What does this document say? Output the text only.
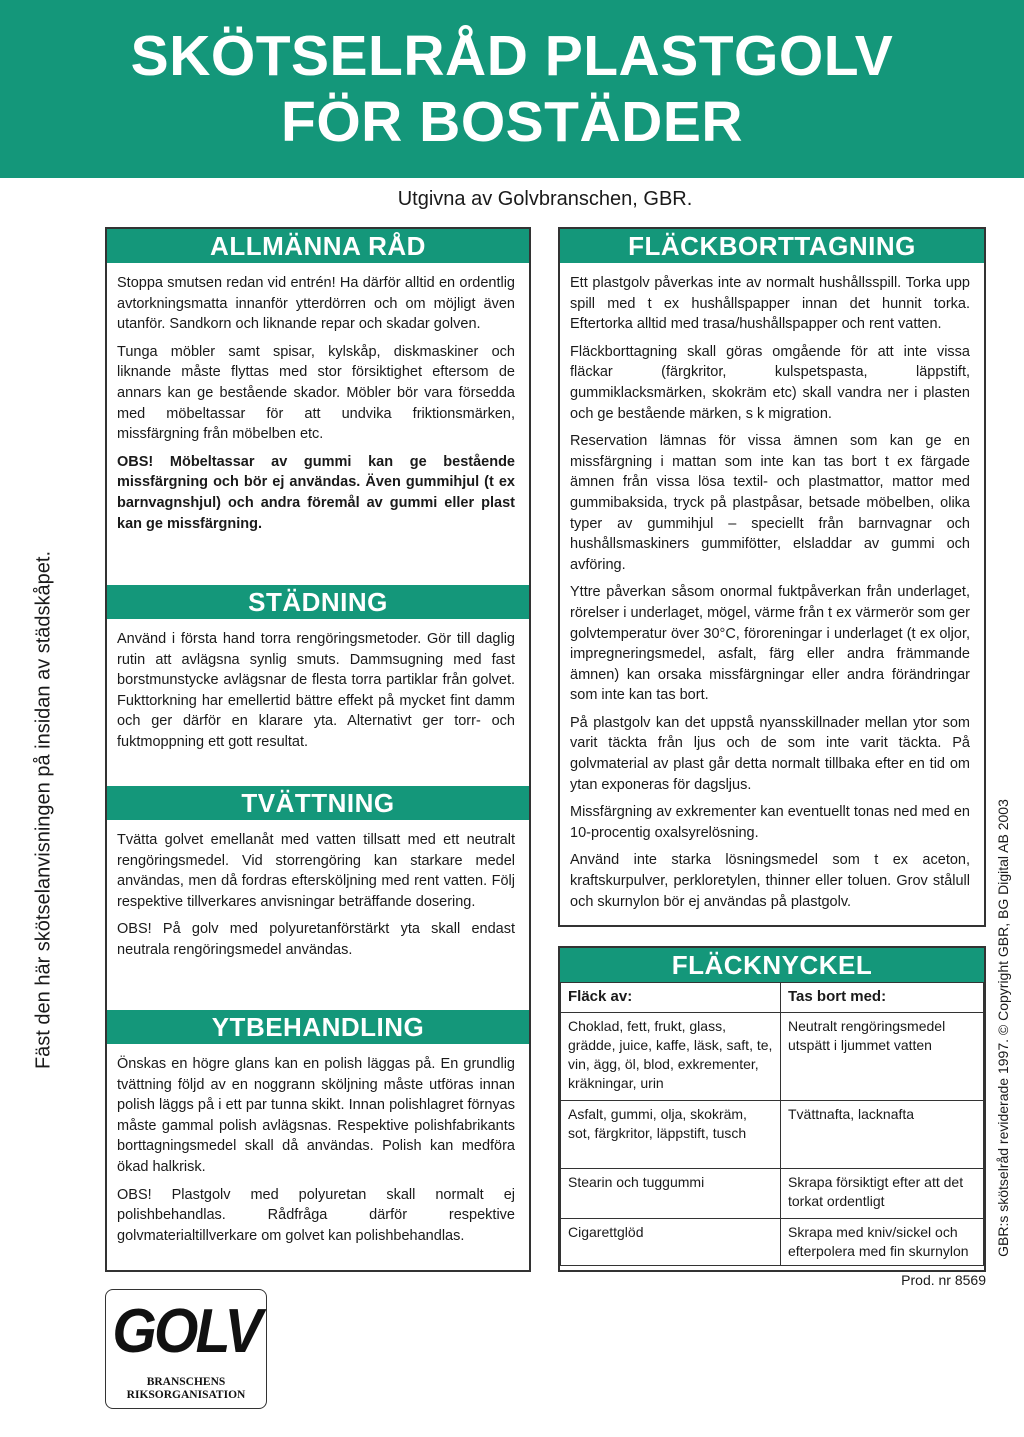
SKÖTSELRÅD PLASTGOLV
FÖR BOSTÄDER
Utgivna av Golvbranschen, GBR.
Fäst den här skötselanvisningen på insidan av städskåpet.	GBR:s skötselråd reviderade 1997. © Copyright GBR, BG Digital AB 2003
ALLMÄNNA RÅD

Stoppa smutsen redan vid entrén! Ha därför alltid en ordentlig avtorkningsmatta innanför ytterdörren och om möjligt även utanför. Sandkorn och liknande repar och skadar golven.

Tunga möbler samt spisar, kylskåp, diskmaskiner och liknande måste flyttas med stor försiktighet eftersom de annars kan ge bestående skador. Möbler bör vara försedda med möbeltassar för att undvika friktionsmärken, missfärgning från möbelben etc.

OBS! Möbeltassar av gummi kan ge bestående missfärgning och bör ej användas. Även gummihjul (t ex barnvagnshjul) och andra föremål av gummi eller plast kan ge missfärgning.

STÄDNING

Använd i första hand torra rengöringsmetoder. Gör till daglig rutin att avlägsna synlig smuts. Dammsugning med fast borstmunstycke avlägsnar de flesta torra partiklar från golvet. Fukttorkning har emellertid bättre effekt på mycket fint damm och ger därför en klarare yta. Alternativt ger torr- och fuktmoppning ett gott resultat.

TVÄTTNING

Tvätta golvet emellanåt med vatten tillsatt med ett neutralt rengöringsmedel. Vid storrengöring kan starkare medel användas, men då fordras eftersköljning med rent vatten. Följ respektive tillverkares anvisningar beträffande dosering.

OBS! På golv med polyuretanförstärkt yta skall endast neutrala rengöringsmedel användas.

YTBEHANDLING

Önskas en högre glans kan en polish läggas på. En grundlig tvättning följd av en noggrann sköljning måste utföras innan polish läggs på i ett par tunna skikt. Innan polishlagret förnyas måste gammal polish avlägsnas. Respektive polishfabrikants borttagningsmedel skall då användas. Polish kan medföra ökad halkrisk.

OBS! Plastgolv med polyuretan skall normalt ej polishbehandlas. Rådfråga därför respektive golvmaterialtillverkare om golvet kan polishbehandlas.

FLÄCKBORTTAGNING

Ett plastgolv påverkas inte av normalt hushållsspill. Torka upp spill med t ex hushållspapper innan det hunnit torka. Eftertorka alltid med trasa/hushållspapper och rent vatten.

Fläckborttagning skall göras omgående för att inte vissa fläckar (färgkritor, kulspetspasta, läppstift, gummiklacksmärken, skokräm etc) skall vandra ner i plasten och ge bestående märken, s k migration.

Reservation lämnas för vissa ämnen som kan ge en missfärgning i mattan som inte kan tas bort t ex färgade ämnen från vissa lösa textil- och plastmattor, mattor med gummibaksida, tryck på plastpåsar, betsade möbelben, olika typer av gummihjul – speciellt från barnvagnar och hushållsmaskiners gummifötter, elsladdar av gummi och avföring.

Yttre påverkan såsom onormal fuktpåverkan från underlaget, rörelser i underlaget, mögel, värme från t ex värmerör som ger golvtemperatur över 30°C, föroreningar i underlaget (t ex oljor, impregneringsmedel, asfalt, färg eller andra främmande ämnen) kan orsaka missfärgningar eller andra förändringar som inte kan tas bort.

På plastgolv kan det uppstå nyansskillnader mellan ytor som varit täckta från ljus och de som inte varit täckta. På golvmaterial av plast går detta normalt tillbaka efter en tid om ytan exponeras för dagsljus.

Missfärgning av exkrementer kan eventuellt tonas ned med en 10-procentig oxalsyrelösning.

Använd inte starka lösningsmedel som t ex aceton, kraftskurpulver, perkloretylen, thinner eller toluen. Grov stålull och skurnylon bör ej användas på plastgolv.

FLÄCKNYCKEL
Fläck av:	Tas bort med:
Choklad, fett, frukt, glass, grädde, juice, kaffe, läsk, saft, te, vin, ägg, öl, blod, exkrementer, kräkningar, urin	Neutralt rengöringsmedel utspätt i ljummet vatten
Asfalt, gummi, olja, skokräm, sot, färgkritor, läppstift, tusch	Tvättnafta, lacknafta
Stearin och tuggummi	Skrapa försiktigt efter att det torkat ordentligt
Cigarettglöd	Skrapa med kniv/sickel och efterpolera med fin skurnylon
Prod. nr 8569
GOLV
BRANSCHENS
RIKSORGANISATION
